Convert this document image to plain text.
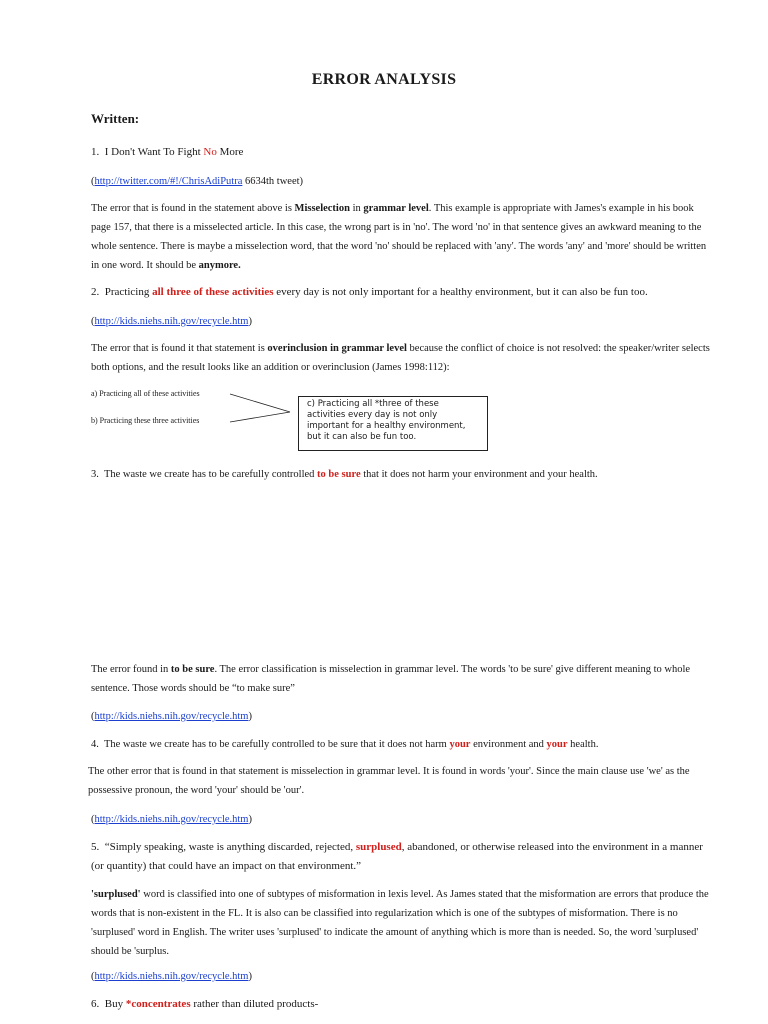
ERROR ANALYSIS
Written:

1. I Don't Want To Fight No More

(http://twitter.com/#!/ChrisAdiPutra 6634th tweet)

The error that is found in the statement above is Misselection in grammar level. This example is appropriate with James's example in his book page 157, that there is a misselected article. In this case, the wrong part is in 'no'. The word 'no' in that sentence gives an awkward meaning to the whole sentence. There is maybe a misselection word, that the word 'no' should be replaced with 'any'. The words 'any' and 'more' should be written in one word. It should be anymore.

2. Practicing all three of these activities every day is not only important for a healthy environment, but it can also be fun too.

(http://kids.niehs.nih.gov/recycle.htm)

The error that is found it that statement is overinclusion in grammar level because the conflict of choice is not resolved: the speaker/writer selects both options, and the result looks like an addition or overinclusion (James 1998:112):

a) Practicing all of these activities
b) Practicing these three activities
c) Practicing all *three of these activities every day is not only important for a healthy environment, but it can also be fun too.

3. The waste we create has to be carefully controlled to be sure that it does not harm your environment and your health.

The error found in to be sure. The error classification is misselection in grammar level. The words 'to be sure' give different meaning to whole sentence. Those words should be “to make sure”

(http://kids.niehs.nih.gov/recycle.htm)

4. The waste we create has to be carefully controlled to be sure that it does not harm your environment and your health.

The other error that is found in that statement is misselection in grammar level. It is found in words 'your'. Since the main clause use 'we' as the possessive pronoun, the word 'your' should be 'our'.

(http://kids.niehs.nih.gov/recycle.htm)

5. “Simply speaking, waste is anything discarded, rejected, surplused, abandoned, or otherwise released into the environment in a manner (or quantity) that could have an impact on that environment.”

'surplused' word is classified into one of subtypes of misformation in lexis level. As James stated that the misformation are errors that produce the words that is non-existent in the FL. It is also can be classified into regularization which is one of the subtypes of misformation. There is no 'surplused' word in English. The writer uses 'surplused' to indicate the amount of anything which is more than is needed. So, the word 'surplused' should be 'surplus.

(http://kids.niehs.nih.gov/recycle.htm)

6. Buy *concentrates rather than diluted products-
